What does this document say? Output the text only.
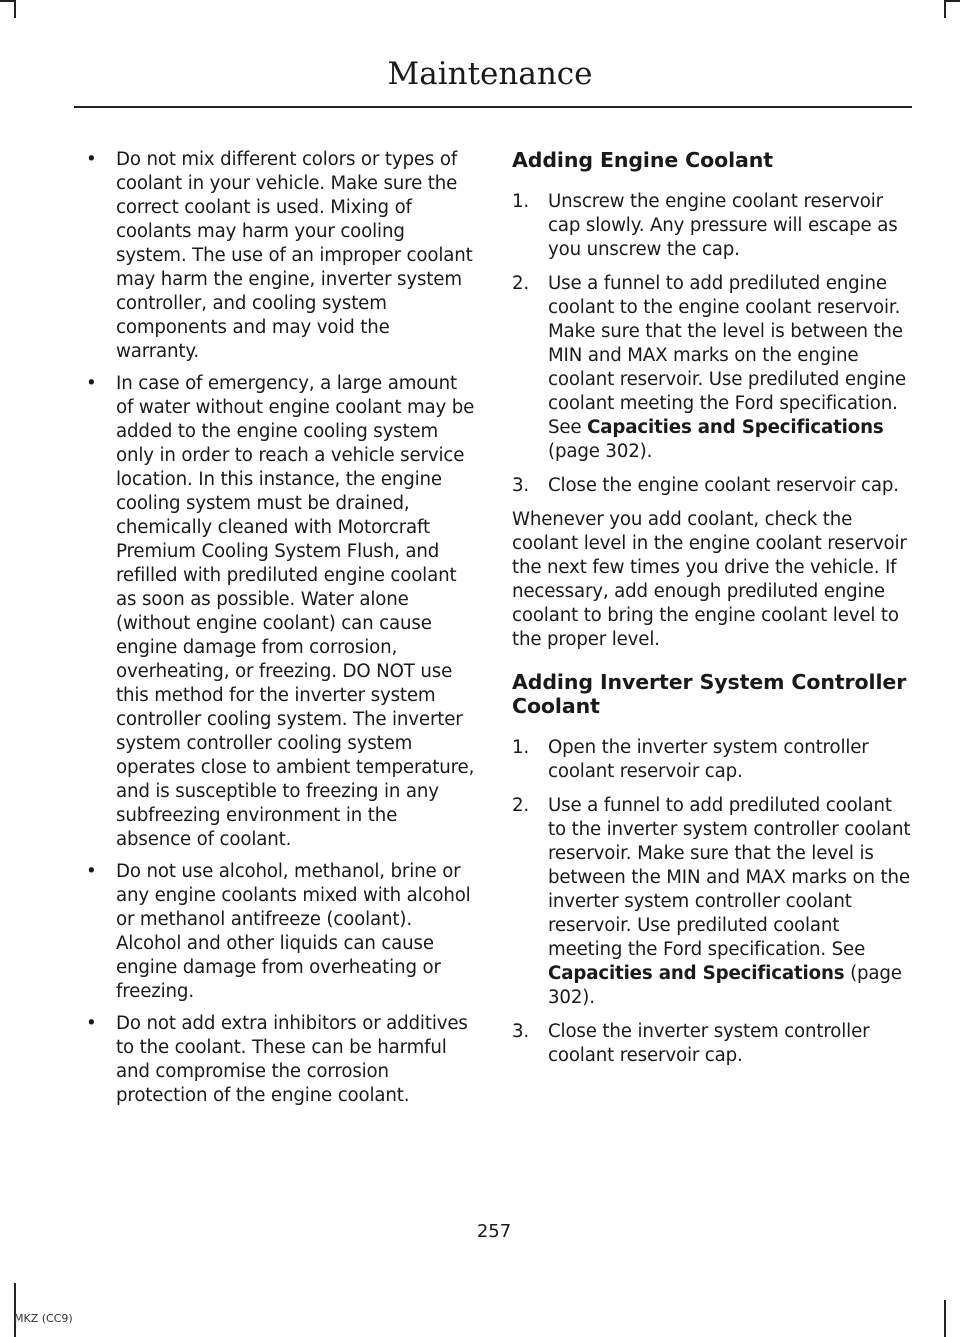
Maintenance
• Do not mix different colors or types of coolant in your vehicle. Make sure the correct coolant is used. Mixing of coolants may harm your cooling system. The use of an improper coolant may harm the engine, inverter system controller, and cooling system components and may void the warranty.
• In case of emergency, a large amount of water without engine coolant may be added to the engine cooling system only in order to reach a vehicle service location. In this instance, the engine cooling system must be drained, chemically cleaned with Motorcraft Premium Cooling System Flush, and refilled with prediluted engine coolant as soon as possible. Water alone (without engine coolant) can cause engine damage from corrosion, overheating, or freezing. DO NOT use this method for the inverter system controller cooling system. The inverter system controller cooling system operates close to ambient temperature, and is susceptible to freezing in any subfreezing environment in the absence of coolant.
• Do not use alcohol, methanol, brine or any engine coolants mixed with alcohol or methanol antifreeze (coolant). Alcohol and other liquids can cause engine damage from overheating or freezing.
• Do not add extra inhibitors or additives to the coolant. These can be harmful and compromise the corrosion protection of the engine coolant.
Adding Engine Coolant
1. Unscrew the engine coolant reservoir cap slowly. Any pressure will escape as you unscrew the cap.
2. Use a funnel to add prediluted engine coolant to the engine coolant reservoir. Make sure that the level is between the MIN and MAX marks on the engine coolant reservoir. Use prediluted engine coolant meeting the Ford specification. See Capacities and Specifications (page 302).
3. Close the engine coolant reservoir cap.

Whenever you add coolant, check the coolant level in the engine coolant reservoir the next few times you drive the vehicle. If necessary, add enough prediluted engine coolant to bring the engine coolant level to the proper level.

Adding Inverter System Controller Coolant
1. Open the inverter system controller coolant reservoir cap.
2. Use a funnel to add prediluted coolant to the inverter system controller coolant reservoir. Make sure that the level is between the MIN and MAX marks on the inverter system controller coolant reservoir. Use prediluted coolant meeting the Ford specification. See Capacities and Specifications (page 302).
3. Close the inverter system controller coolant reservoir cap.
257
MKZ (CC9)
